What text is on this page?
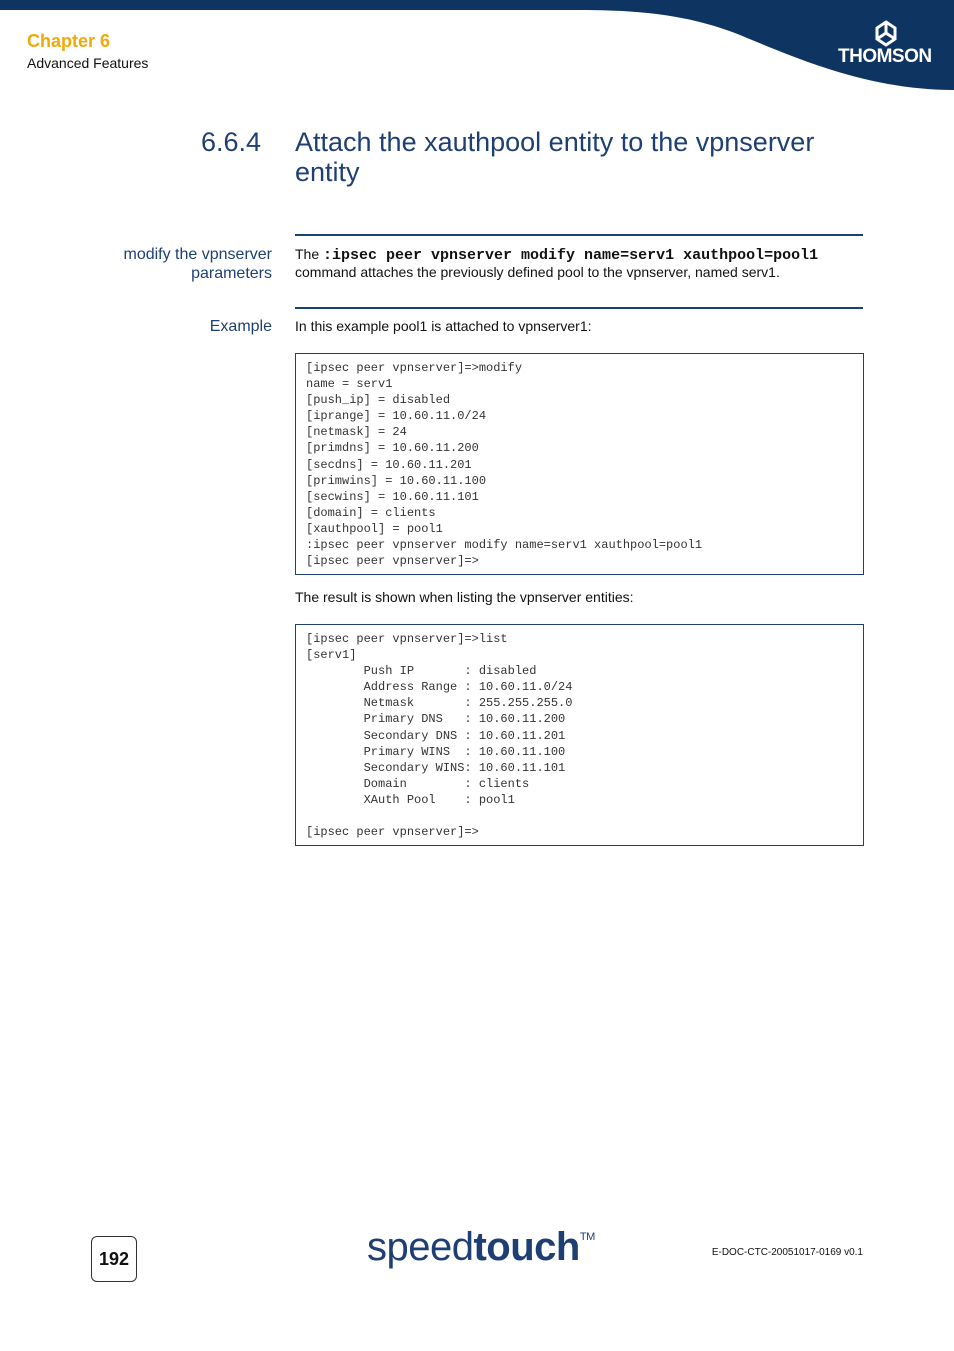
Chapter 6
Advanced Features	THOMSON
6.6.4 Attach the xauthpool entity to the vpnserver entity
modify the vpnserver parameters
The :ipsec peer vpnserver modify name=serv1 xauthpool=pool1
command attaches the previously defined pool to the vpnserver, named serv1.
Example In this example pool1 is attached to vpnserver1:
[ipsec peer vpnserver]=>modify
name = serv1
[push_ip] = disabled
[iprange] = 10.60.11.0/24
[netmask] = 24
[primdns] = 10.60.11.200
[secdns] = 10.60.11.201
[primwins] = 10.60.11.100
[secwins] = 10.60.11.101
[domain] = clients
[xauthpool] = pool1
:ipsec peer vpnserver modify name=serv1 xauthpool=pool1
[ipsec peer vpnserver]=>
The result is shown when listing the vpnserver entities:
[ipsec peer vpnserver]=>list
[serv1]
Push IP       : disabled
Address Range : 10.60.11.0/24
Netmask       : 255.255.255.0
Primary DNS   : 10.60.11.200
Secondary DNS : 10.60.11.201
Primary WINS  : 10.60.11.100
Secondary WINS: 10.60.11.101
Domain        : clients
XAuth Pool    : pool1

[ipsec peer vpnserver]=>
192	speedtouch™
E-DOC-CTC-20051017-0169 v0.1
